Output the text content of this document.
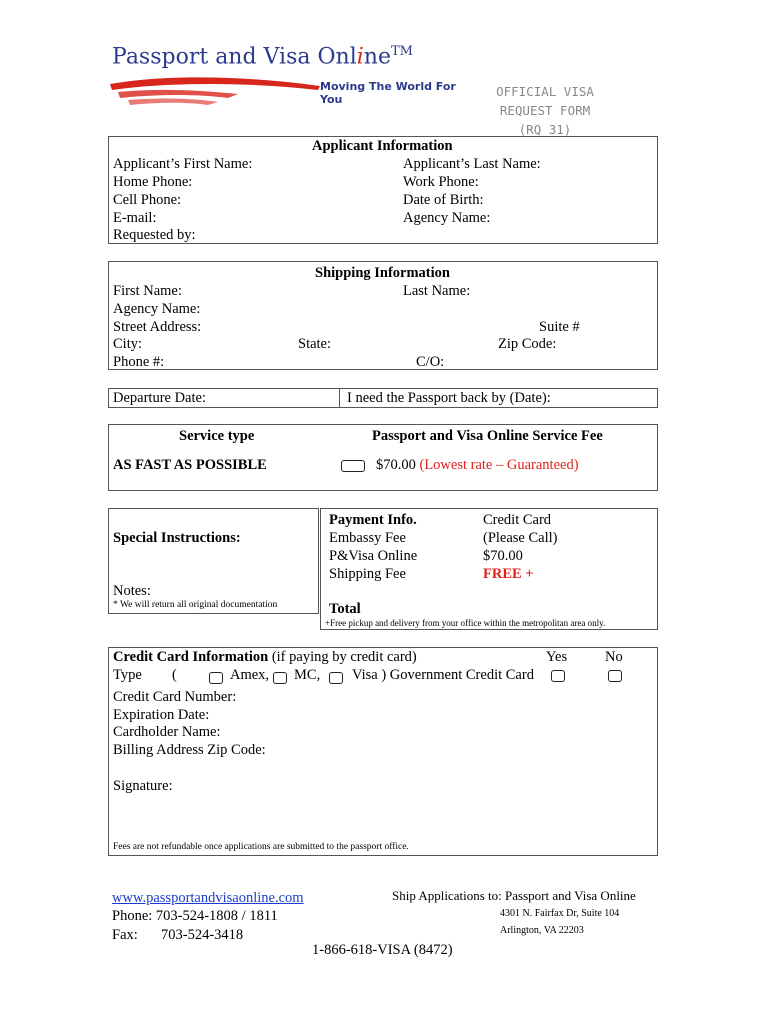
Passport and Visa Online™
Moving The World For You
OFFICIAL VISA
REQUEST FORM
(RQ 31)
Applicant Information
Applicant’s First Name:	Applicant’s Last Name:
Home Phone:	Work Phone:
Cell Phone:	Date of Birth:
E-mail:	Agency Name:
Requested by:
Shipping Information
First Name:	Last Name:
Agency Name:
Street Address:	Suite #
City:	State:	Zip Code:
Phone #:	C/O:
Departure Date:	I need the Passport back by (Date):
Service type	Passport and Visa Online Service Fee
AS FAST AS POSSIBLE	$70.00 (Lowest rate – Guaranteed)
Special Instructions:
Notes:
* We will return all original documentation
Payment Info.	Credit Card
Embassy Fee	(Please Call)
P&Visa Online	$70.00
Shipping Fee	FREE +
Total
+Free pickup and delivery from your office within the metropolitan area only.
Credit Card Information (if paying by credit card)	Yes	No
Type (	Amex, MC, Visa ) Government Credit Card
Credit Card Number:
Expiration Date:
Cardholder Name:
Billing Address Zip Code:
Signature:
Fees are not refundable once applications are submitted to the passport office.
www.passportandvisaonline.com
Phone: 703-524-1808 / 1811
Fax: 703-524-3418
Ship Applications to: Passport and Visa Online
4301 N. Fairfax Dr, Suite 104
Arlington, VA 22203
1-866-618-VISA (8472)
